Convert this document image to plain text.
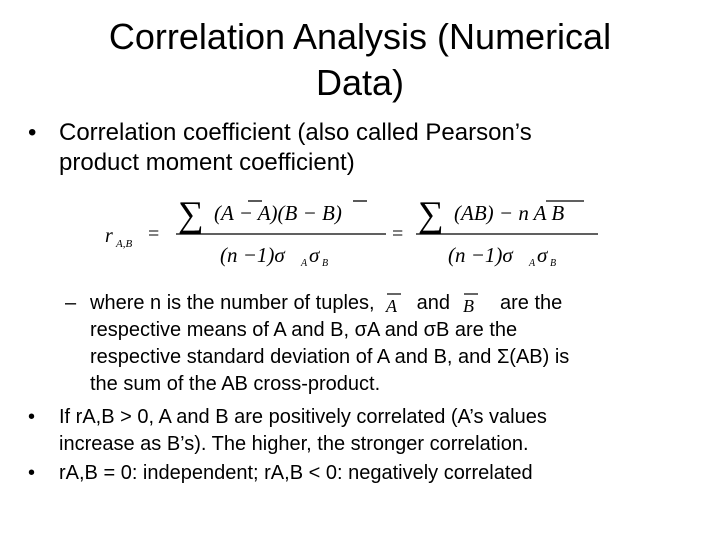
Correlation Analysis (Numerical
Data)
• Correlation coefficient (also called Pearson’s
product moment coefficient)
r A,B = ∑ (A − A)(B − B)
(n −1)σ A σ B
= ∑ (AB) − n A B
(n −1)σ A σ B
– where n is the number of tuples, A and B are the
respective means of A and B, σA and σB are the
respective standard deviation of A and B, and Σ(AB) is
the sum of the AB cross-product.
•	If rA,B > 0, A and B are positively correlated (A’s values
increase as B’s). The higher, the stronger correlation.
•	rA,B = 0: independent; rA,B < 0: negatively correlated
